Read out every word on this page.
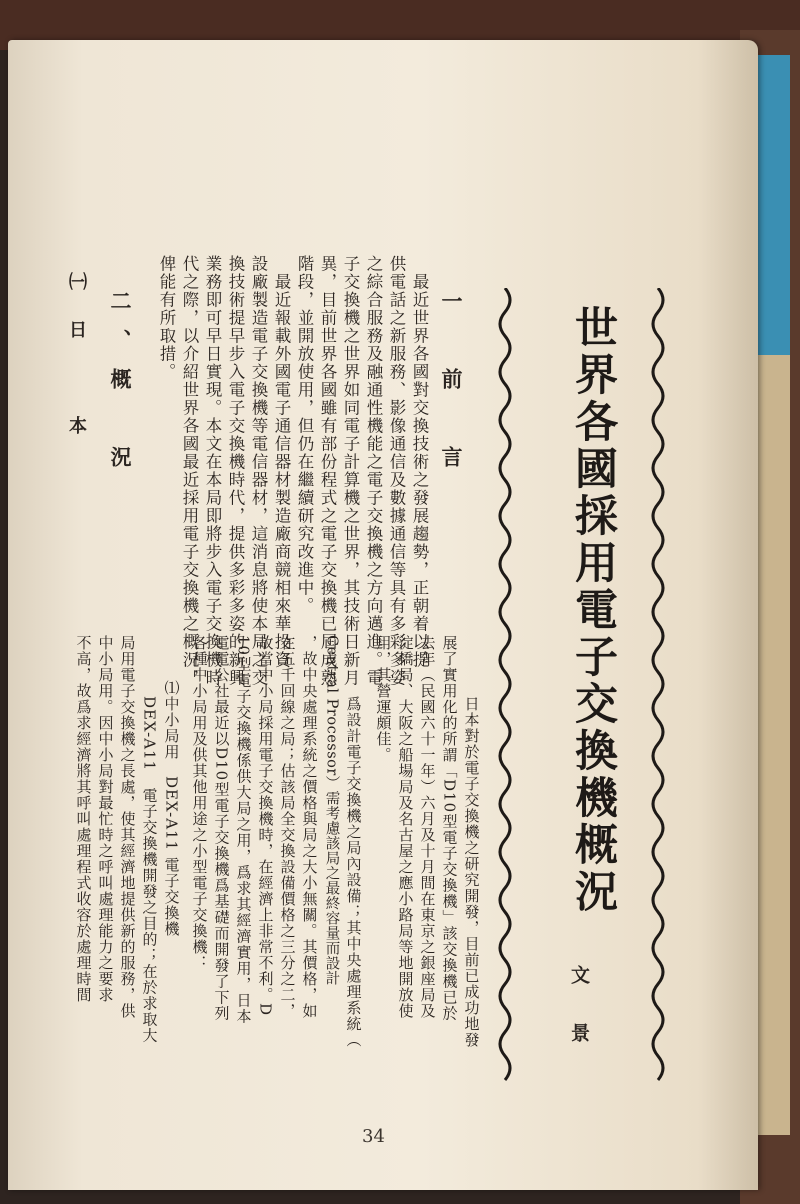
世界各國採用電子交換機概況
文　景
一　前　言
　最近世界各國對交換技術之發展趨勢，正朝着以提
供電話之新服務、影像通信及數據通信等具有多彩多姿
之綜合服務及融通性機能之電子交換機之方向邁進。電
子交換機之世界如同電子計算機之世界，其技術日新月
異，目前世界各國雖有部份程式之電子交換機已屆成熟
階段，並開放使用，但仍在繼續研究改進中。
　最近報載外國電子通信器材製造廠商競相來華投資
設廠製造電子交換機等電信器材，這消息將使本局之交
換技術提早步入電子交換機時代，提供多彩多姿的新興
業務即可早日實現。本文在本局即將步入電子交換機時
代之際，以介紹世界各國最近採用電子交換機之概況，
俾能有所取措。
二、概　況
㈠日　本
　日本對於電子交換機之研究開發，目前已成功地發
展了實用化的所謂「D10型電子交換機」該交換機已於
去年（民國六十一年）六月及十月間在東京之銀座局及
淀橋局、大阪之船場局及名古屋之應小路局等地開放使
用，其營運頗佳。
　爲設計電子交換機之局內設備；其中央處理系統（
Central Processor）需考慮該局之最終容量而設計
，故中央處理系統之價格與局之大小無關。其價格，如
在五千回線之局；估該局全交換設備價格之三分之二，
故當中小局採用電子交換機時，在經濟上非常不利。D
10型電子交換機係供大局之用，爲求其經濟實用，日本
電電公社最近以D10型電子交換機爲基礎而開發了下列
各種中小局用及供其他用途之小型電子交換機：
⑴中小局用　DEX-A11 電子交換機
　DEX-A11　電子交換機開發之目的；在於求取大
局用電子交換機之長處，使其經濟地提供新的服務，供
中小局用。因中小局對最忙時之呼叫處理能力之要求
不高，故爲求經濟將其呼叫處理程式收容於處理時間
34
